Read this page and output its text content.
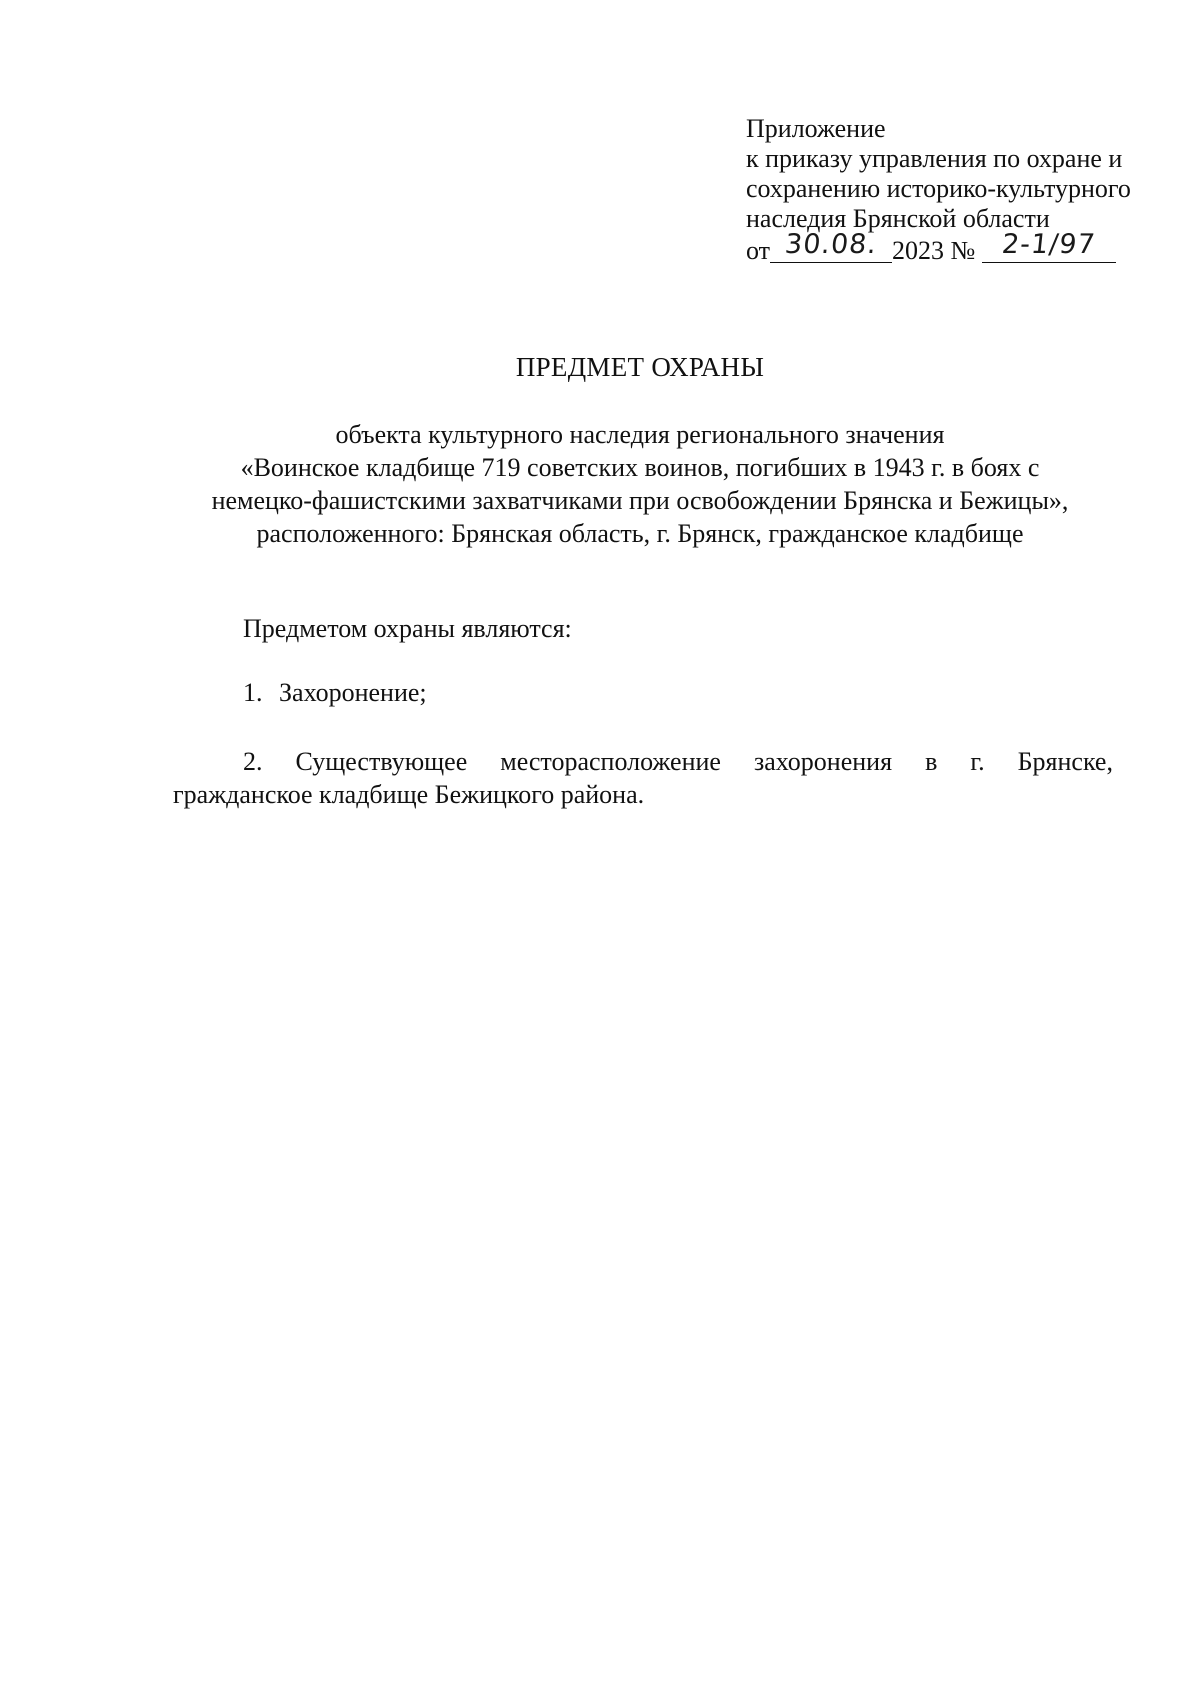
Приложение
к приказу управления по охране и
сохранению историко-культурного
наследия Брянской области
от 30.08. 2023 № 2-1/97
ПРЕДМЕТ ОХРАНЫ
объекта культурного наследия регионального значения
«Воинское кладбище 719 советских воинов, погибших в 1943 г. в боях с
немецко-фашистскими захватчиками при освобождении Брянска и Бежицы»,
расположенного: Брянская область, г. Брянск, гражданское кладбище
Предметом охраны являются:
1. Захоронение;
2. Существующее месторасположение захоронения в г. Брянске,
гражданское кладбище Бежицкого района.
